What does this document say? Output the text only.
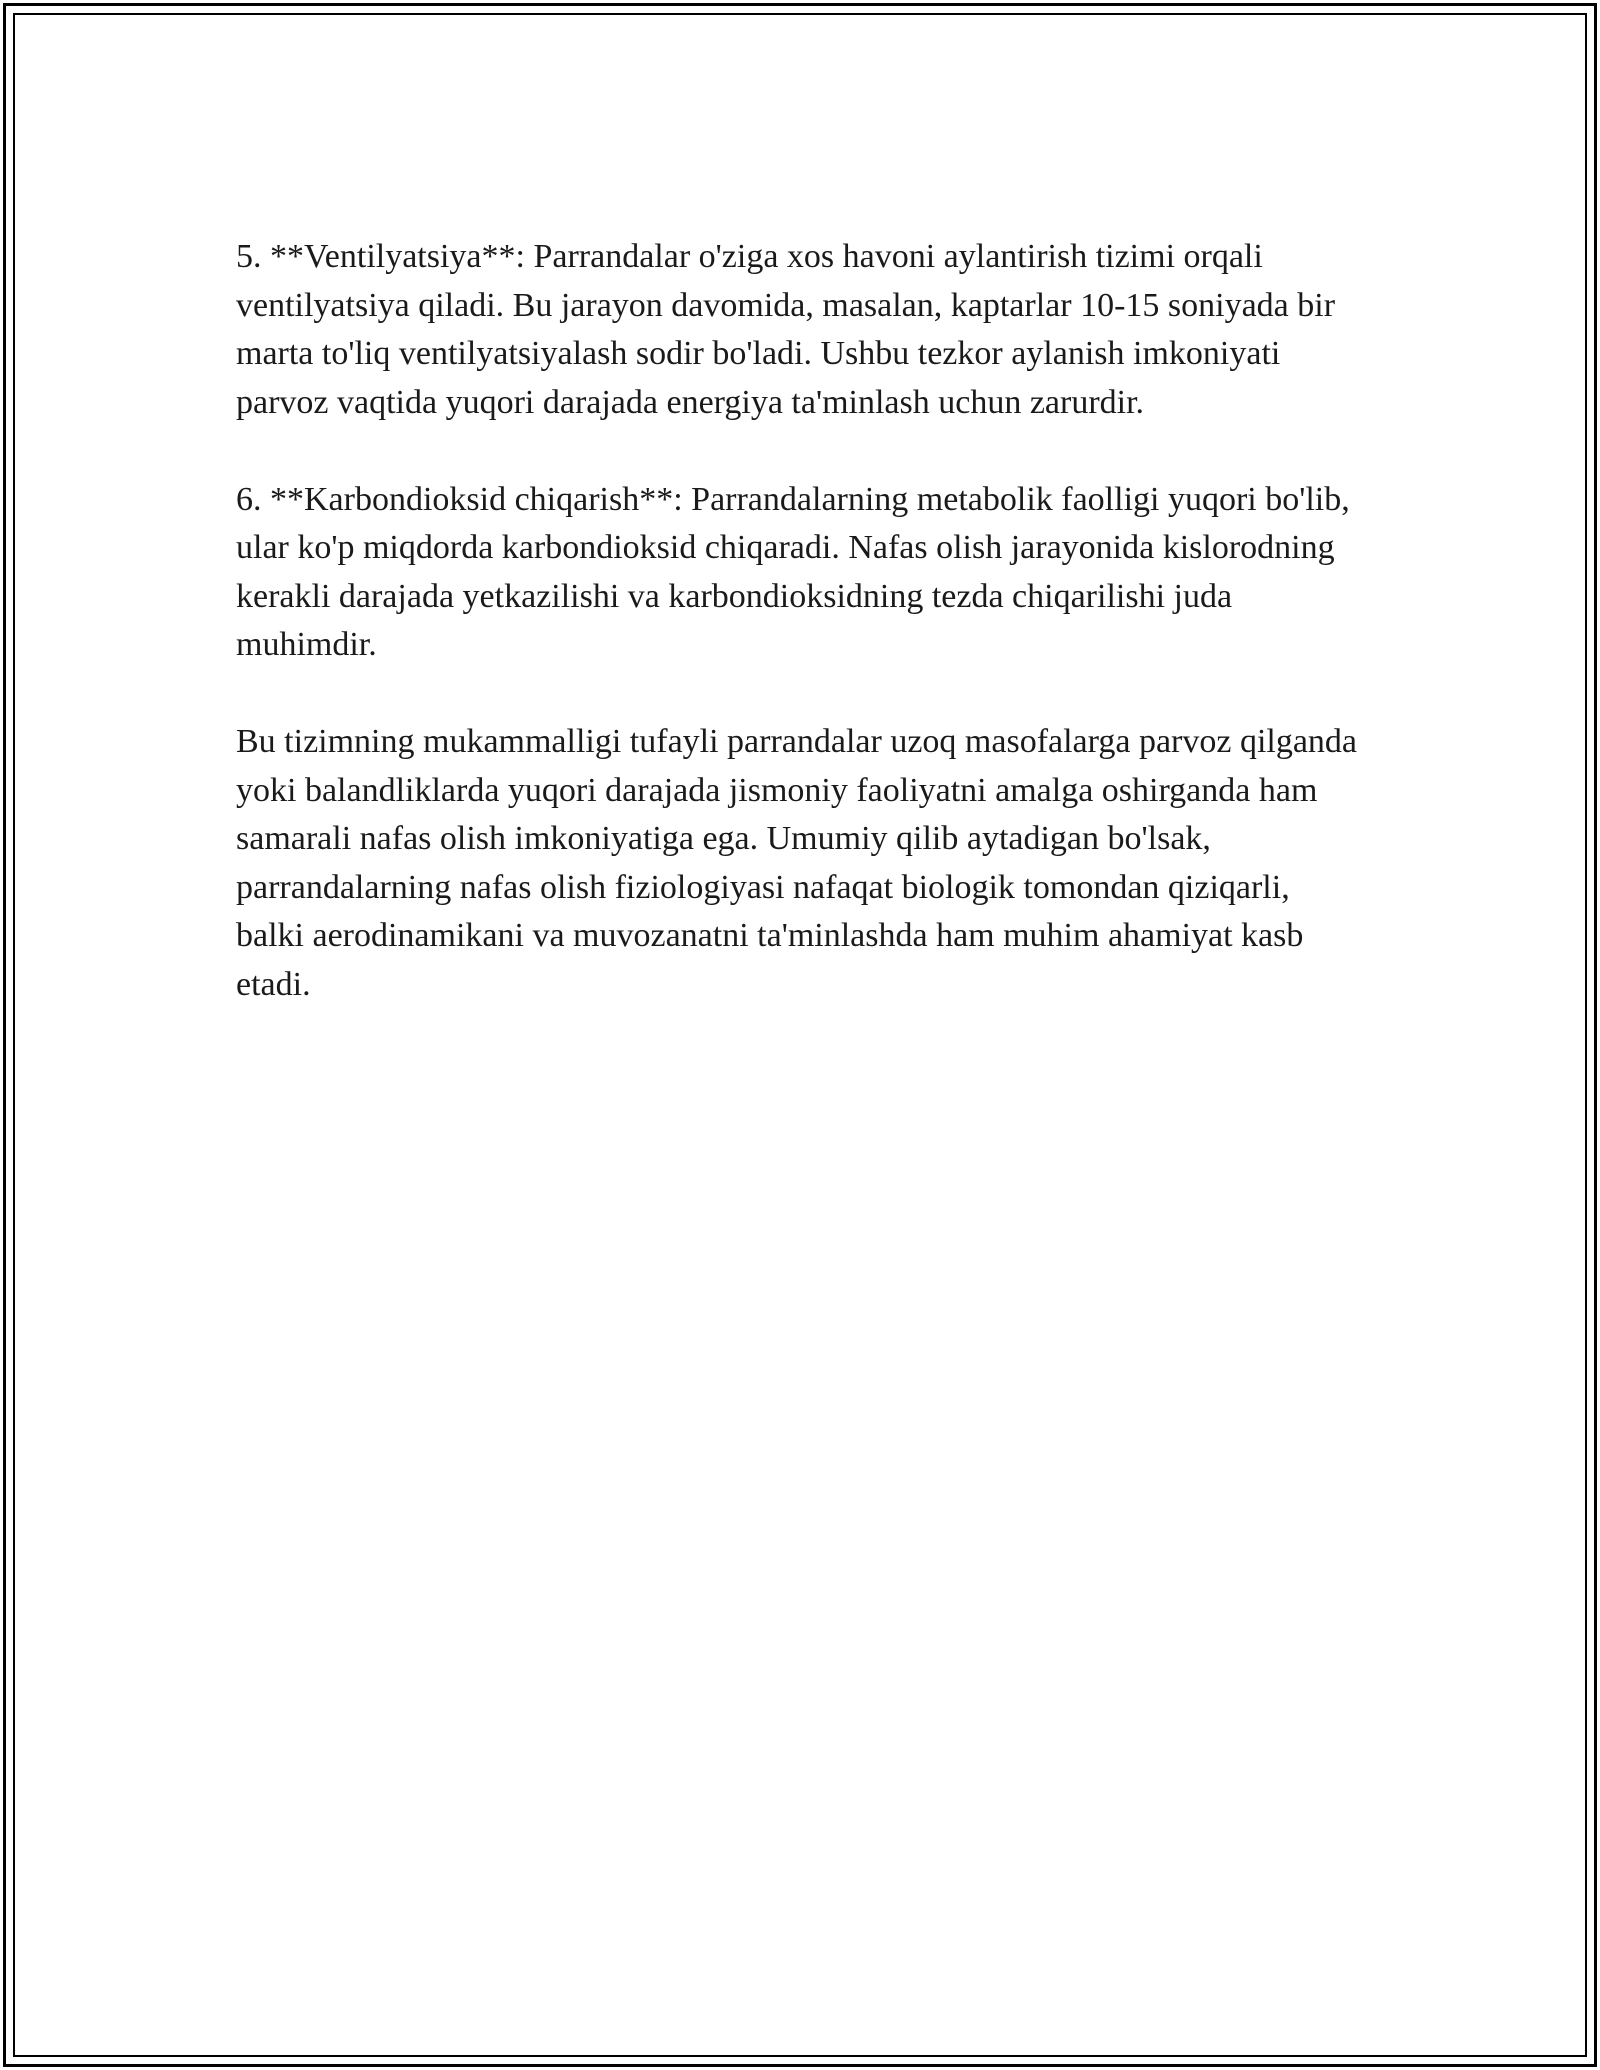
5. **Ventilyatsiya**: Parrandalar o'ziga xos havoni aylantirish tizimi orqali ventilyatsiya qiladi. Bu jarayon davomida, masalan, kaptarlar 10-15 soniyada bir marta to'liq ventilyatsiyalash sodir bo'ladi. Ushbu tezkor aylanish imkoniyati parvoz vaqtida yuqori darajada energiya ta'minlash uchun zarurdir.

6. **Karbondioksid chiqarish**: Parrandalarning metabolik faolligi yuqori bo'lib, ular ko'p miqdorda karbondioksid chiqaradi. Nafas olish jarayonida kislorodning kerakli darajada yetkazilishi va karbondioksidning tezda chiqarilishi juda muhimdir.

Bu tizimning mukammalligi tufayli parrandalar uzoq masofalarga parvoz qilganda yoki balandliklarda yuqori darajada jismoniy faoliyatni amalga oshirganda ham samarali nafas olish imkoniyatiga ega. Umumiy qilib aytadigan bo'lsak, parrandalarning nafas olish fiziologiyasi nafaqat biologik tomondan qiziqarli, balki aerodinamikani va muvozanatni ta'minlashda ham muhim ahamiyat kasb etadi.
